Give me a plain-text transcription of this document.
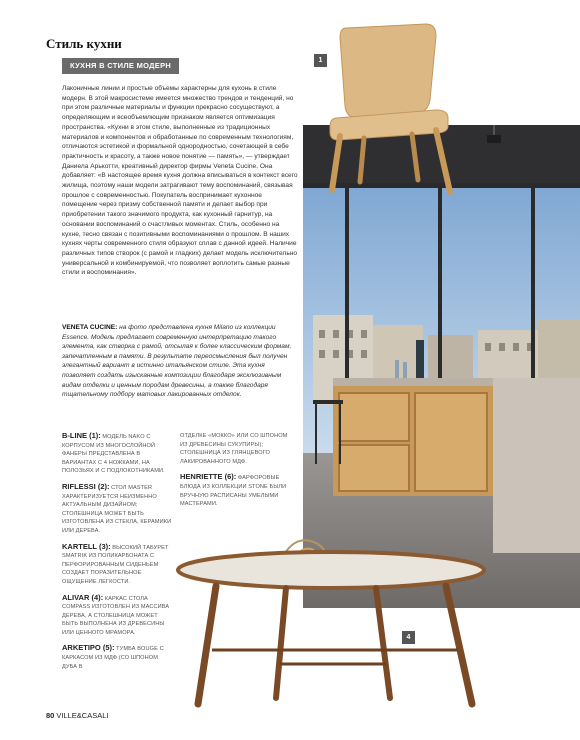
Стиль кухни
КУХНЯ В СТИЛЕ МОДЕРН

Лаконичные линии и простые объемы характерны для кухонь в стиле модерн. В этой макросистеме имеется множество трендов и тенденций, но при этом различные материалы и функции прекрасно сосуществуют, а определяющим и всеобъемлющим признаком является оптимизация пространства. «Кухни в этом стиле, выполненные из традиционных материалов и компонентов и обработанные по современным технологиям, отличаются эстетикой и формальной однородностью, сочетающей в себе практичность и красоту, а также новое понятие — память», — утверждает Даниела Арькотти, креативный директор фирмы Veneta Cucine. Она добавляет: «В настоящее время кухня должна вписываться в контекст всего жилища, поэтому наши модели затрагивают тему воспоминаний, связывая прошлое с современностью. Покупатель воспринимает кухонное помещение через призму собственной памяти и делает выбор при приобретении такого значимого продукта, как кухонный гарнитур, на основании воспоминаний о счастливых моментах. Стиль, особенно на кухне, тесно связан с позитивными воспоминаниями о прошлом. В наших кухнях черты современного стиля образуют сплав с данной идеей. Наличие различных типов створок (с рамой и гладких) делает модель исключительно универсальной и комбинируемой, что позволяет воплотить самые разные стили и воспоминания».

VENETA CUCINE: на фото представлена кухня Milano из коллекции Essence. Модель предлагает современную интерпретацию такого элемента, как створка с рамой, отсылая к более классическим формам, запечатленным в памяти. В результате переосмысления был получен элегантный вариант в истинно итальянском стиле. Эта кухня позволяет создать изысканные композиции благодаря эксклюзивным видам отделки и ценным породам древесины, а также благодаря тщательному подбору матовых лакированных отделок.

B-LINE (1): МОДЕЛЬ NAKO С КОРПУСОМ ИЗ МНОГОСЛОЙНОЙ ФАНЕРЫ ПРЕДСТАВЛЕНА В ВАРИАНТАХ С 4 НОЖКАМИ, НА ПОЛОЗЬЯХ И С ПОДЛОКОТНИКАМИ.

RIFLESSI (2): СТОЛ MASTER ХАРАКТЕРИЗУЕТСЯ НЕИЗМЕННО АКТУАЛЬНЫМ ДИЗАЙНОМ; СТОЛЕШНИЦА МОЖЕТ БЫТЬ ИЗГОТОВЛЕНА ИЗ СТЕКЛА, КЕРАМИКИ ИЛИ ДЕРЕВА.

KARTELL (3): ВЫСОКИЙ ТАБУРЕТ SMATRIK ИЗ ПОЛИКАРБОНАТА С ПЕРФОРИРОВАННЫМ СИДЕНЬЕМ СОЗДАЕТ ПОРАЗИТЕЛЬНОЕ ОЩУЩЕНИЕ ЛЕГКОСТИ.

ALIVAR (4): КАРКАС СТОЛА COMPASS ИЗГОТОВЛЕН ИЗ МАССИВА ДЕРЕВА, А СТОЛЕШНИЦА МОЖЕТ БЫТЬ ВЫПОЛНЕНА ИЗ ДРЕВЕСИНЫ ИЛИ ЦЕННОГО МРАМОРА.

ARKETIPO (5): ТУМБА BOUGE С КАРКАСОМ ИЗ МДФ (СО ШПОНОМ ДУБА В

ОТДЕЛКЕ «МОККО» ИЛИ СО ШПОНОМ ИЗ ДРЕВЕСИНЫ СУКУПИРЫ); СТОЛЕШНИЦА ИЗ ГЛЯНЦЕВОГО ЛАКИРОВАННОГО МДФ.

HENRIETTE (6): ФАРФОРОВЫЕ БЛЮДА ИЗ КОЛЛЕКЦИИ STONE БЫЛИ ВРУЧНУЮ РАСПИСАНЫ УМЕЛЫМИ МАСТЕРАМИ.

1
4
80 VILLE&CASALI
